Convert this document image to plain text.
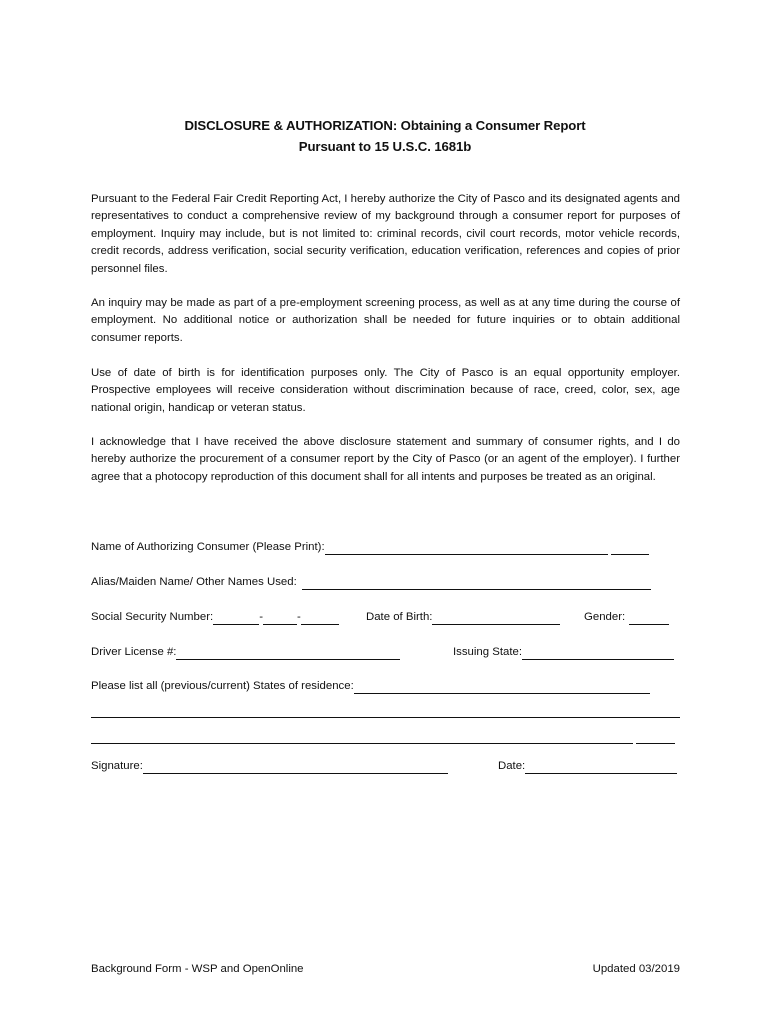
DISCLOSURE & AUTHORIZATION: Obtaining a Consumer Report
Pursuant to 15 U.S.C. 1681b

Pursuant to the Federal Fair Credit Reporting Act, I hereby authorize the City of Pasco and its designated agents and representatives to conduct a comprehensive review of my background through a consumer report for purposes of employment. Inquiry may include, but is not limited to: criminal records, civil court records, motor vehicle records, credit records, address verification, social security verification, education verification, references and copies of prior personnel files.

An inquiry may be made as part of a pre-employment screening process, as well as at any time during the course of employment. No additional notice or authorization shall be needed for future inquiries or to obtain additional consumer reports.

Use of date of birth is for identification purposes only. The City of Pasco is an equal opportunity employer. Prospective employees will receive consideration without discrimination because of race, creed, color, sex, age national origin, handicap or veteran status.

I acknowledge that I have received the above disclosure statement and summary of consumer rights, and I do hereby authorize the procurement of a consumer report by the City of Pasco (or an agent of the employer). I further agree that a photocopy reproduction of this document shall for all intents and purposes be treated as an original.

Name of Authorizing Consumer (Please Print):
Alias/Maiden Name/ Other Names Used:
Social Security Number:	-	-	Date of Birth:	Gender:
Driver License #:	Issuing State:
Please list all (previous/current) States of residence:
Signature:	Date:
Background Form - WSP and OpenOnline	Updated 03/2019
